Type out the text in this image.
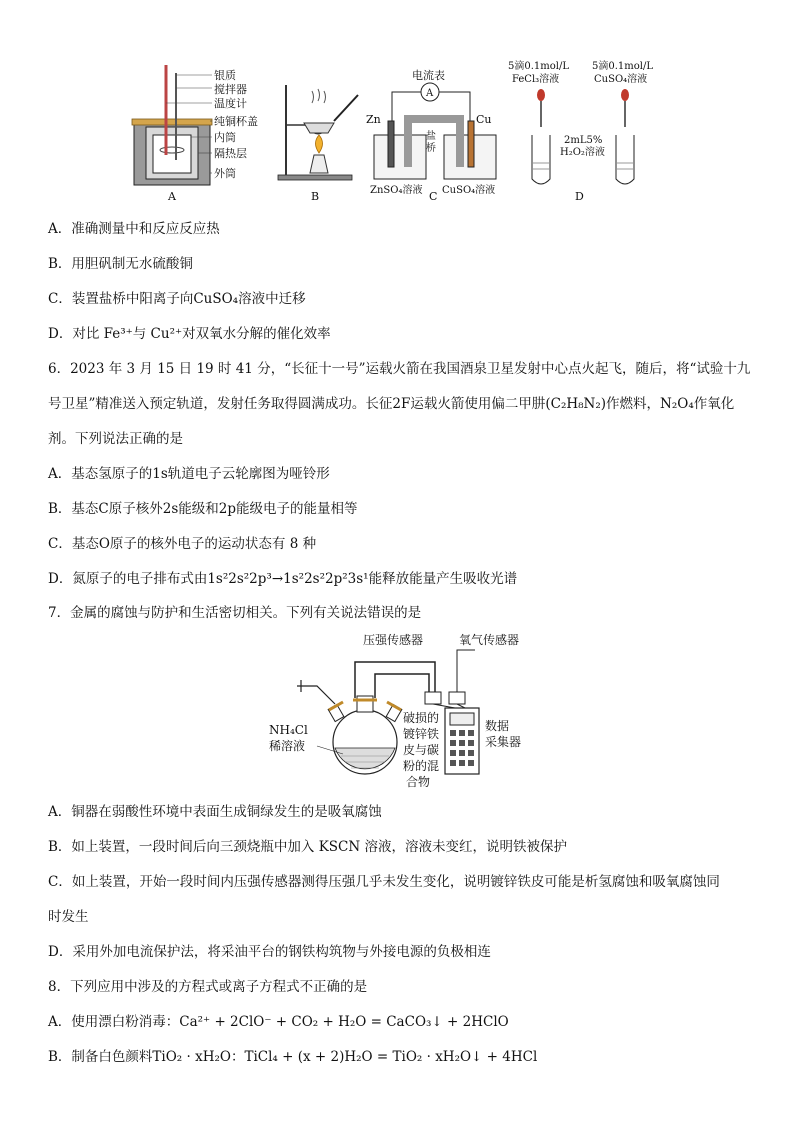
银质
搅拌器
温度计
纯铜杯盖
内筒
隔热层
外筒
A	B
电流表
A
盐
桥
Zn	Cu
ZnSO₄溶液 CuSO₄溶液
C
5滴0.1mol/L
FeCl₃溶液
5滴0.1mol/L
CuSO₄溶液
2mL5%
H₂O₂溶液
D
A．准确测量中和反应反应热
B．用胆矾制无水硫酸铜
C．装置盐桥中阳离子向CuSO₄溶液中迁移
D．对比 Fe³⁺与 Cu²⁺对双氧水分解的催化效率
6．2023 年 3 月 15 日 19 时 41 分，“长征十一号”运载火箭在我国酒泉卫星发射中心点火起飞，随后，将“试验十九
号卫星”精准送入预定轨道，发射任务取得圆满成功。长征2F运载火箭使用偏二甲肼(C₂H₈N₂)作燃料，N₂O₄作氧化
剂。下列说法正确的是
A．基态氢原子的1s轨道电子云轮廓图为哑铃形
B．基态C原子核外2s能级和2p能级电子的能量相等
C．基态O原子的核外电子的运动状态有 8 种
D．氮原子的电子排布式由1s²2s²2p³→1s²2s²2p²3s¹能释放能量产生吸收光谱
7．金属的腐蚀与防护和生活密切相关。下列有关说法错误的是
压强传感器	氧气传感器
NH₄Cl
稀溶液
破损的
镀锌铁
皮与碳
粉的混
合物
数据
采集器
A．铜器在弱酸性环境中表面生成铜绿发生的是吸氧腐蚀
B．如上装置，一段时间后向三颈烧瓶中加入 KSCN 溶液，溶液未变红，说明铁被保护
C．如上装置，开始一段时间内压强传感器测得压强几乎未发生变化，说明镀锌铁皮可能是析氢腐蚀和吸氧腐蚀同
时发生
D．采用外加电流保护法，将采油平台的钢铁构筑物与外接电源的负极相连
8．下列应用中涉及的方程式或离子方程式不正确的是
A．使用漂白粉消毒：Ca²⁺ + 2ClO⁻ + CO₂ + H₂O = CaCO₃↓ + 2HClO
B．制备白色颜料TiO₂ · xH₂O：TiCl₄ + (x + 2)H₂O = TiO₂ · xH₂O↓ + 4HCl
